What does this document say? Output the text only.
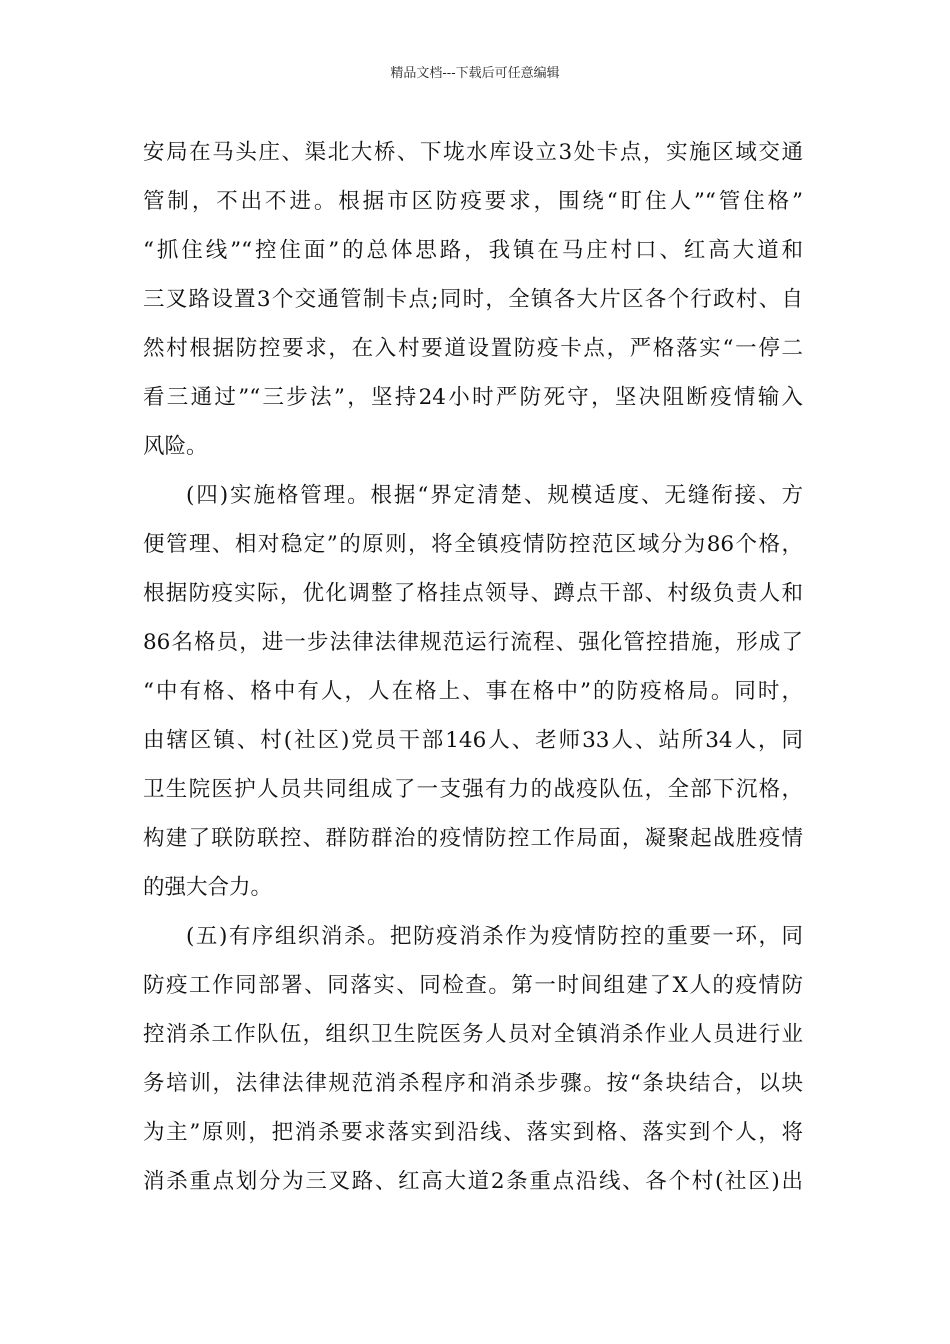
精品文档---下载后可任意编辑
安局在马头庄、渠北大桥、下垅水库设立3处卡点，实施区域交通
管制，不出不进。根据市区防疫要求，围绕“盯住人”“管住格”
“抓住线”“控住面”的总体思路，我镇在马庄村口、红高大道和
三叉路设置3个交通管制卡点;同时，全镇各大片区各个行政村、自
然村根据防控要求，在入村要道设置防疫卡点，严格落实“一停二
看三通过”“三步法”，坚持24小时严防死守，坚决阻断疫情输入
风险。
(四)实施格管理。根据“界定清楚、规模适度、无缝衔接、方
便管理、相对稳定”的原则，将全镇疫情防控范区域分为86个格，
根据防疫实际，优化调整了格挂点领导、蹲点干部、村级负责人和
86名格员，进一步法律法律规范运行流程、强化管控措施，形成了
“中有格、格中有人，人在格上、事在格中”的防疫格局。同时，
由辖区镇、村(社区)党员干部146人、老师33人、站所34人，同
卫生院医护人员共同组成了一支强有力的战疫队伍，全部下沉格，
构建了联防联控、群防群治的疫情防控工作局面，凝聚起战胜疫情
的强大合力。
(五)有序组织消杀。把防疫消杀作为疫情防控的重要一环，同
防疫工作同部署、同落实、同检查。第一时间组建了X人的疫情防
控消杀工作队伍，组织卫生院医务人员对全镇消杀作业人员进行业
务培训，法律法律规范消杀程序和消杀步骤。按“条块结合，以块
为主”原则，把消杀要求落实到沿线、落实到格、落实到个人，将
消杀重点划分为三叉路、红高大道2条重点沿线、各个村(社区)出
